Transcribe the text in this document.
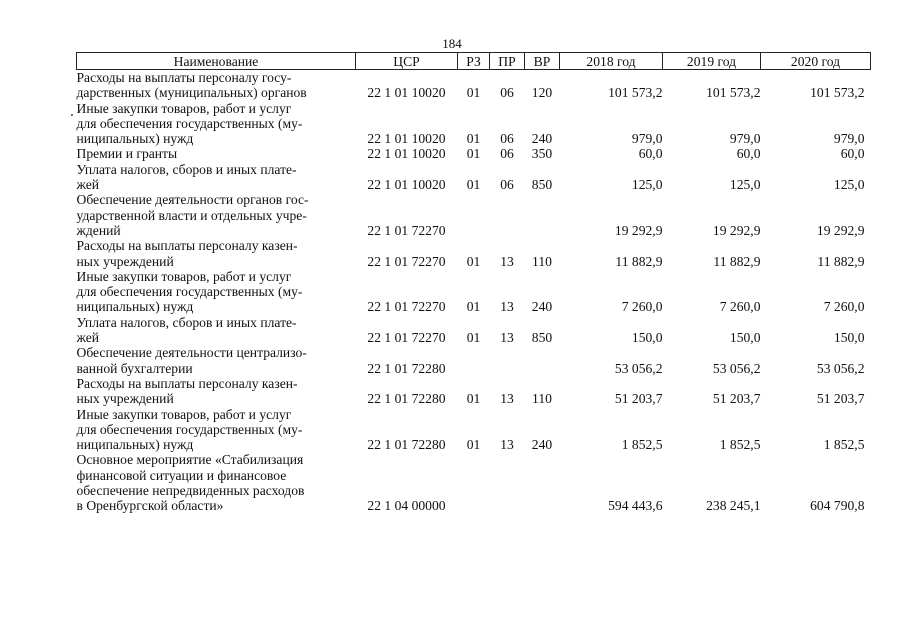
184
Наименование	ЦСР	РЗ	ПР	ВР	2018 год	2019 год	2020 год

Расходы на выплаты персоналу госу-
дарственных (муниципальных) органов	22 1 01 10020	01	06	120	101 573,2	101 573,2	101 573,2

Иные закупки товаров, работ и услуг
для обеспечения государственных (му-
ниципальных) нужд	22 1 01 10020	01	06	240	979,0	979,0	979,0

Премии и гранты	22 1 01 10020	01	06	350	60,0	60,0	60,0

Уплата налогов, сборов и иных плате-
жей	22 1 01 10020	01	06	850	125,0	125,0	125,0

Обеспечение деятельности органов гос-
ударственной власти и отдельных учре-
ждений	22 1 01 72270				19 292,9	19 292,9	19 292,9

Расходы на выплаты персоналу казен-
ных учреждений	22 1 01 72270	01	13	110	11 882,9	11 882,9	11 882,9

Иные закупки товаров, работ и услуг
для обеспечения государственных (му-
ниципальных) нужд	22 1 01 72270	01	13	240	7 260,0	7 260,0	7 260,0

Уплата налогов, сборов и иных плате-
жей	22 1 01 72270	01	13	850	150,0	150,0	150,0

Обеспечение деятельности централизо-
ванной бухгалтерии	22 1 01 72280				53 056,2	53 056,2	53 056,2

Расходы на выплаты персоналу казен-
ных учреждений	22 1 01 72280	01	13	110	51 203,7	51 203,7	51 203,7

Иные закупки товаров, работ и услуг
для обеспечения государственных (му-
ниципальных) нужд	22 1 01 72280	01	13	240	1 852,5	1 852,5	1 852,5

Основное мероприятие «Стабилизация
финансовой ситуации и финансовое
обеспечение непредвиденных расходов
в Оренбургской области»	22 1 04 00000				594 443,6	238 245,1	604 790,8
